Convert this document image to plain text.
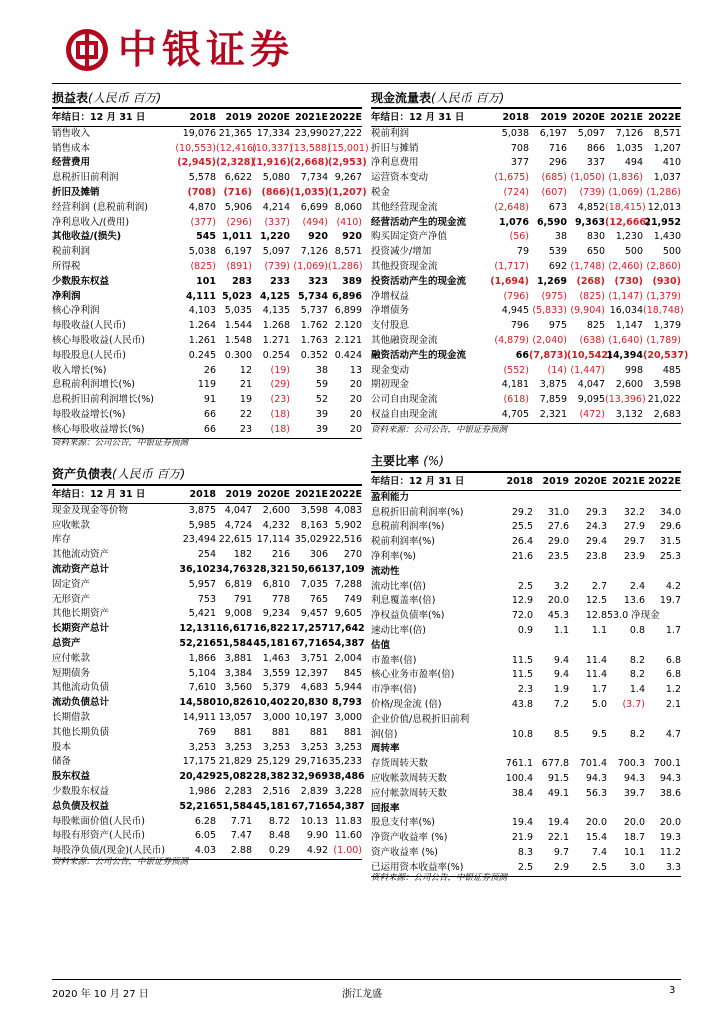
中银证券
损益表(人民币 百万)
年结日：12 月 31 日	2018	2019	2020E	2021E	2022E
销售收入	19,076	21,365	17,334	23,990	27,222
销售成本	(10,553)	(12,416)	(10,337)	(13,588)	(15,001)
经营费用	(2,945)	(2,328)	(1,916)	(2,668)	(2,953)
息税折旧前利润	5,578	6,622	5,080	7,734	9,267
折旧及摊销	(708)	(716)	(866)	(1,035)	(1,207)
经营利润 (息税前利润)	4,870	5,906	4,214	6,699	8,060
净利息收入/(费用)	(377)	(296)	(337)	(494)	(410)
其他收益/(损失)	545	1,011	1,220	920	920
税前利润	5,038	6,197	5,097	7,126	8,571
所得税	(825)	(891)	(739)	(1,069)	(1,286)
少数股东权益	101	283	233	323	389
净利润	4,111	5,023	4,125	5,734	6,896
核心净利润	4,103	5,035	4,135	5,737	6,899
每股收益(人民币)	1.264	1.544	1.268	1.762	2.120
核心每股收益(人民币)	1.261	1.548	1.271	1.763	2.121
每股股息(人民币)	0.245	0.300	0.254	0.352	0.424
收入增长(%)	26	12	(19)	38	13
息税前利润增长(%)	119	21	(29)	59	20
息税折旧前利润增长(%)	91	19	(23)	52	20
每股收益增长(%)	66	22	(18)	39	20
核心每股收益增长(%)	66	23	(18)	39	20
资料来源：公司公告，中银证券预测
现金流量表(人民币 百万)
年结日：12 月 31 日	2018	2019	2020E	2021E	2022E
税前利润	5,038	6,197	5,097	7,126	8,571
折旧与摊销	708	716	866	1,035	1,207
净利息费用	377	296	337	494	410
运营资本变动	(1,675)	(685)	(1,050)	(1,836)	1,037
税金	(724)	(607)	(739)	(1,069)	(1,286)
其他经营现金流	(2,648)	673	4,852	(18,415)	12,013
经营活动产生的现金流	1,076	6,590	9,363	(12,666)	21,952
购买固定资产净值	(56)	38	830	1,230	1,430
投资减少/增加	79	539	650	500	500
其他投资现金流	(1,717)	692	(1,748)	(2,460)	(2,860)
投资活动产生的现金流	(1,694)	1,269	(268)	(730)	(930)
净增权益	(796)	(975)	(825)	(1,147)	(1,379)
净增债务	4,945	(5,833)	(9,904)	16,034	(18,748)
支付股息	796	975	825	1,147	1,379
其他融资现金流	(4,879)	(2,040)	(638)	(1,640)	(1,789)
融资活动产生的现金流	66	(7,873)	(10,542)	14,394	(20,537)
现金变动	(552)	(14)	(1,447)	998	485
期初现金	4,181	3,875	4,047	2,600	3,598
公司自由现金流	(618)	7,859	9,095	(13,396)	21,022
权益自由现金流	4,705	2,321	(472)	3,132	2,683
资料来源：公司公告，中银证券预测
资产负债表(人民币 百万)
年结日：12 月 31 日	2018	2019	2020E	2021E	2022E
现金及现金等价物	3,875	4,047	2,600	3,598	4,083
应收帐款	5,985	4,724	4,232	8,163	5,902
库存	23,494	22,615	17,114	35,029	22,516
其他流动资产	254	182	216	306	270
流动资产总计	36,102	34,763	28,321	50,661	37,109
固定资产	5,957	6,819	6,810	7,035	7,288
无形资产	753	791	778	765	749
其他长期资产	5,421	9,008	9,234	9,457	9,605
长期资产总计	12,131	16,617	16,822	17,257	17,642
总资产	52,216	51,584	45,181	67,716	54,387
应付帐款	1,866	3,881	1,463	3,751	2,004
短期债务	5,104	3,384	3,559	12,397	845
其他流动负债	7,610	3,560	5,379	4,683	5,944
流动负债总计	14,580	10,826	10,402	20,830	8,793
长期借款	14,911	13,057	3,000	10,197	3,000
其他长期负债	769	881	881	881	881
股本	3,253	3,253	3,253	3,253	3,253
储备	17,175	21,829	25,129	29,716	35,233
股东权益	20,429	25,082	28,382	32,969	38,486
少数股东权益	1,986	2,283	2,516	2,839	3,228
总负债及权益	52,216	51,584	45,181	67,716	54,387
每股帐面价值(人民币)	6.28	7.71	8.72	10.13	11.83
每股有形资产(人民币)	6.05	7.47	8.48	9.90	11.60
每股净负债/(现金)(人民币)	4.03	2.88	0.29	4.92	(1.00)
资料来源：公司公告，中银证券预测
主要比率 (%)
年结日：12 月 31 日	2018	2019	2020E	2021E	2022E
盈利能力					
息税折旧前利润率(%)	29.2	31.0	29.3	32.2	34.0
息税前利润率(%)	25.5	27.6	24.3	27.9	29.6
税前利润率(%)	26.4	29.0	29.4	29.7	31.5
净利率(%)	21.6	23.5	23.8	23.9	25.3
流动性					
流动比率(倍)	2.5	3.2	2.7	2.4	4.2
利息覆盖率(倍)	12.9	20.0	12.5	13.6	19.7
净权益负债率(%)	72.0	45.3	12.8	53.0 净现金	
速动比率(倍)	0.9	1.1	1.1	0.8	1.7
估值					
市盈率(倍)	11.5	9.4	11.4	8.2	6.8
核心业务市盈率(倍)	11.5	9.4	11.4	8.2	6.8
市净率(倍)	2.3	1.9	1.7	1.4	1.2
价格/现金流 (倍)	43.8	7.2	5.0	(3.7)	2.1
企业价值/息税折旧前利					
润(倍)	10.8	8.5	9.5	8.2	4.7
周转率					
存货周转天数	761.1	677.8	701.4	700.3	700.1
应收帐款周转天数	100.4	91.5	94.3	94.3	94.3
应付帐款周转天数	38.4	49.1	56.3	39.7	38.6
回报率					
股息支付率(%)	19.4	19.4	20.0	20.0	20.0
净资产收益率 (%)	21.9	22.1	15.4	18.7	19.3
资产收益率 (%)	8.3	9.7	7.4	10.1	11.2
已运用资本收益率(%)	2.5	2.9	2.5	3.0	3.3
资料来源：公司公告，中银证券预测
2020 年 10 月 27 日	浙江龙盛	3
